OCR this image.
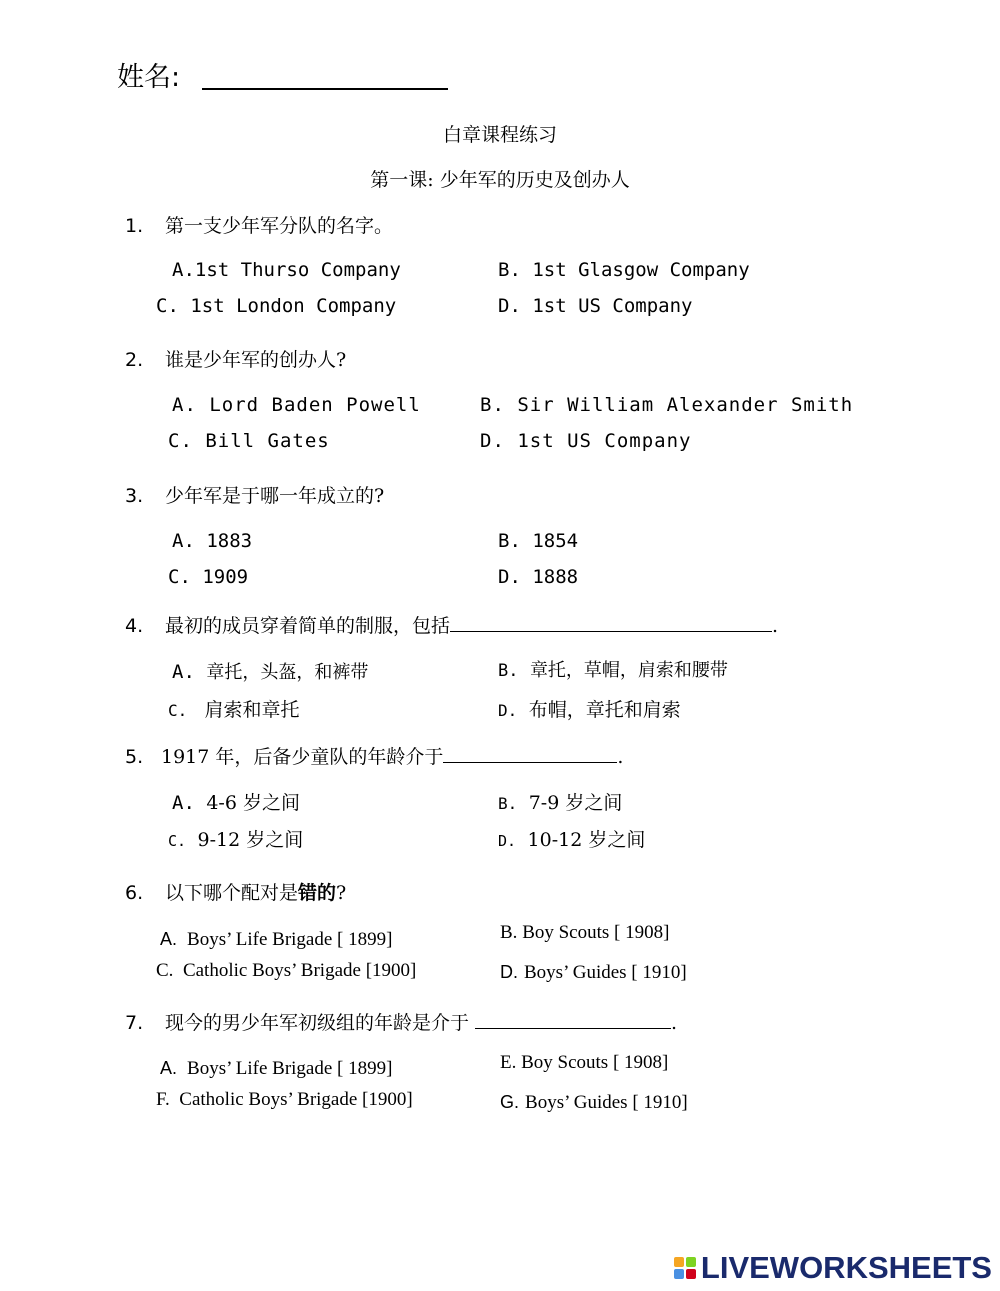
姓名:
白章课程练习
第一课: 少年军的历史及创办人
1. 第一支少年军分队的名字。
A.1st Thurso Company	B. 1st Glasgow Company
C. 1st London Company	D. 1st US Company
2. 谁是少年军的创办人?
A. Lord Baden Powell	B. Sir William Alexander Smith
C. Bill Gates	D. 1st US Company
3. 少年军是于哪一年成立的?
A. 1883	B. 1854
C. 1909	D. 1888
4. 最初的成员穿着简单的制服，包括	.
A. 章托，头盔，和裤带	B. 章托，草帽，肩索和腰带
C. 肩索和章托	D. 布帽，章托和肩索
5. 1917 年，后备少童队的年龄介于	.
A. 4-6 岁之间	B. 7-9 岁之间
C. 9-12 岁之间	D. 10-12 岁之间
6. 以下哪个配对是错的?
A. Boys’ Life Brigade [ 1899]	B. Boy Scouts [ 1908]
C. Catholic Boys’ Brigade [1900]	D. Boys’ Guides [ 1910]
7. 现今的男少年军初级组的年龄是介于	.
A. Boys’ Life Brigade [ 1899]	E. Boy Scouts [ 1908]
F. Catholic Boys’ Brigade [1900]	G. Boys’ Guides [ 1910]
LIVEWORKSHEETS
